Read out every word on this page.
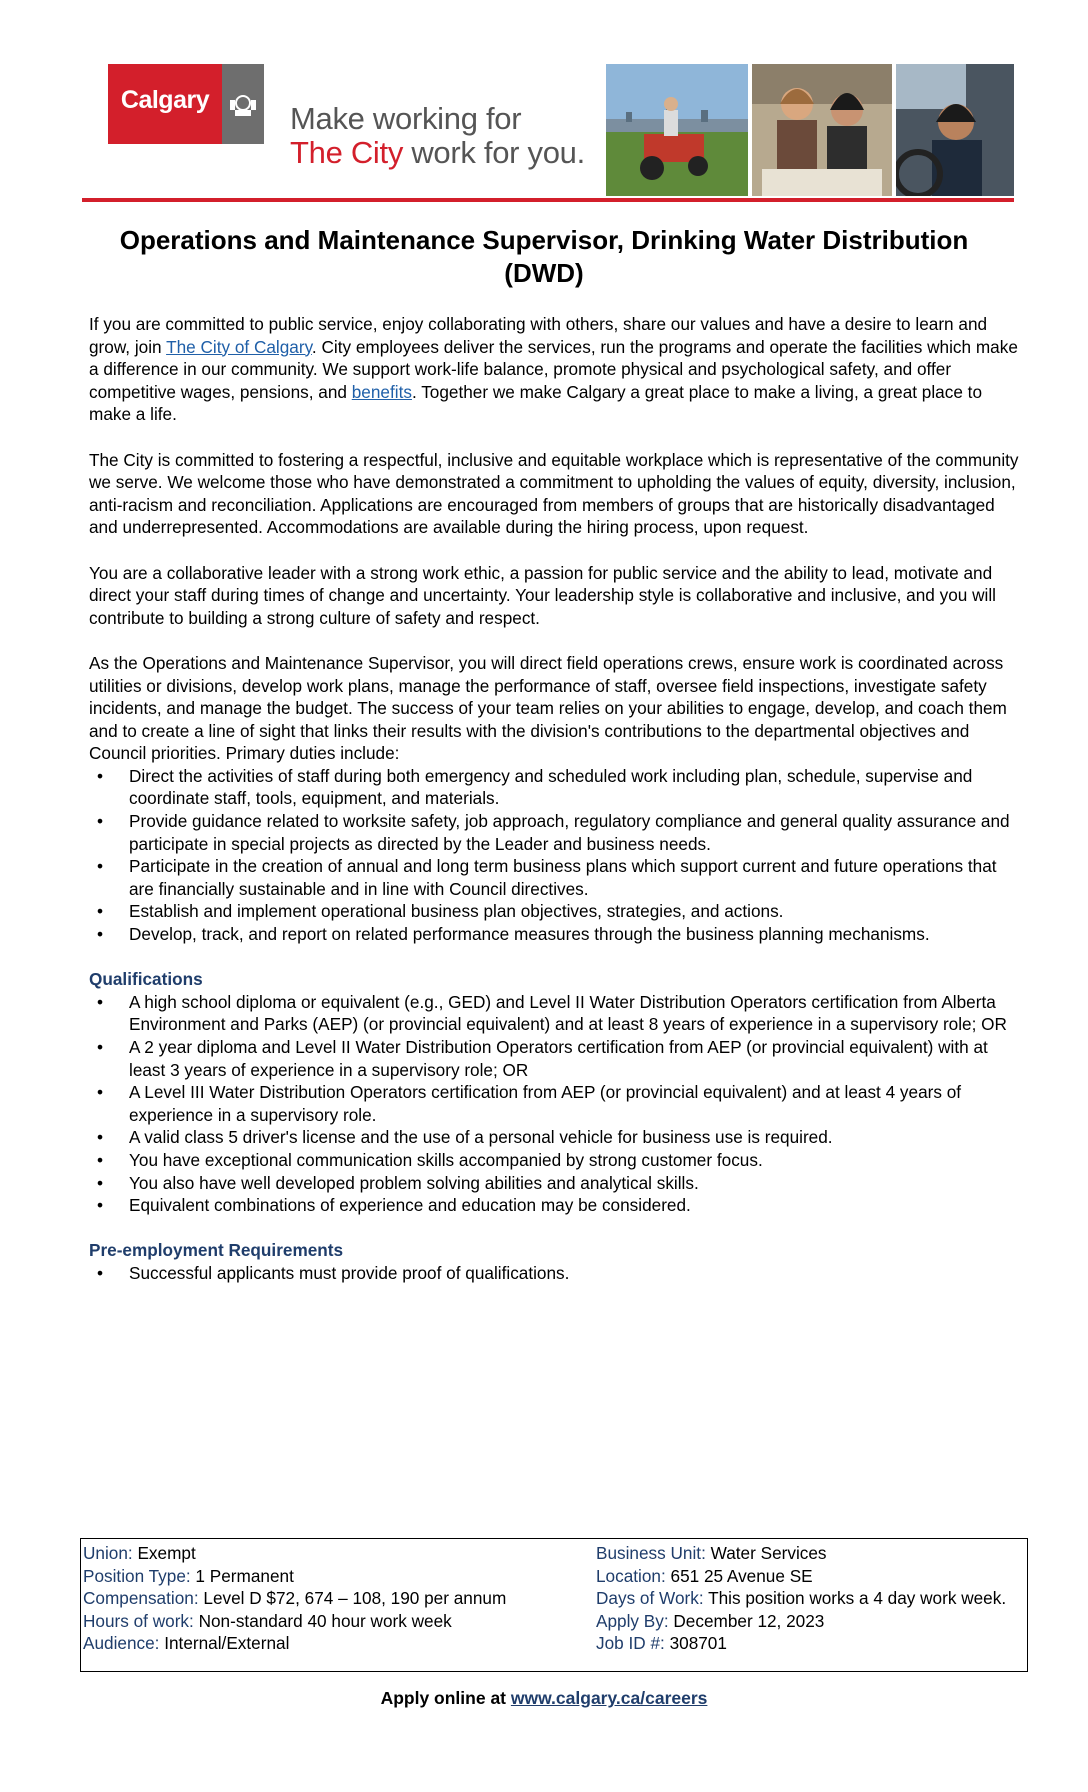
Calgary
Make working for
The City work for you.
Operations and Maintenance Supervisor, Drinking Water Distribution (DWD)

If you are committed to public service, enjoy collaborating with others, share our values and have a desire to learn and grow, join The City of Calgary. City employees deliver the services, run the programs and operate the facilities which make a difference in our community. We support work-life balance, promote physical and psychological safety, and offer competitive wages, pensions, and benefits. Together we make Calgary a great place to make a living, a great place to make a life.

The City is committed to fostering a respectful, inclusive and equitable workplace which is representative of the community we serve. We welcome those who have demonstrated a commitment to upholding the values of equity, diversity, inclusion, anti-racism and reconciliation. Applications are encouraged from members of groups that are historically disadvantaged and underrepresented. Accommodations are available during the hiring process, upon request.

You are a collaborative leader with a strong work ethic, a passion for public service and the ability to lead, motivate and direct your staff during times of change and uncertainty. Your leadership style is collaborative and inclusive, and you will contribute to building a strong culture of safety and respect.

As the Operations and Maintenance Supervisor, you will direct field operations crews, ensure work is coordinated across utilities or divisions, develop work plans, manage the performance of staff, oversee field inspections, investigate safety incidents, and manage the budget. The success of your team relies on your abilities to engage, develop, and coach them and to create a line of sight that links their results with the division's contributions to the departmental objectives and Council priorities. Primary duties include:

• Direct the activities of staff during both emergency and scheduled work including plan, schedule, supervise and coordinate staff, tools, equipment, and materials.
• Provide guidance related to worksite safety, job approach, regulatory compliance and general quality assurance and participate in special projects as directed by the Leader and business needs.
• Participate in the creation of annual and long term business plans which support current and future operations that are financially sustainable and in line with Council directives.
• Establish and implement operational business plan objectives, strategies, and actions.
• Develop, track, and report on related performance measures through the business planning mechanisms.
Qualifications
• A high school diploma or equivalent (e.g., GED) and Level II Water Distribution Operators certification from Alberta Environment and Parks (AEP) (or provincial equivalent) and at least 8 years of experience in a supervisory role; OR
• A 2 year diploma and Level II Water Distribution Operators certification from AEP (or provincial equivalent) with at least 3 years of experience in a supervisory role; OR
• A Level III Water Distribution Operators certification from AEP (or provincial equivalent) and at least 4 years of experience in a supervisory role.
• A valid class 5 driver's license and the use of a personal vehicle for business use is required.
• You have exceptional communication skills accompanied by strong customer focus.
• You also have well developed problem solving abilities and analytical skills.
• Equivalent combinations of experience and education may be considered.
Pre-employment Requirements
• Successful applicants must provide proof of qualifications.
Union: Exempt
Position Type: 1 Permanent
Compensation: Level D $72, 674 – 108, 190 per annum
Hours of work: Non-standard 40 hour work week
Audience: Internal/External
Business Unit: Water Services
Location: 651 25 Avenue SE
Days of Work: This position works a 4 day work week.
Apply By: December 12, 2023
Job ID #: 308701
Apply online at www.calgary.ca/careers
